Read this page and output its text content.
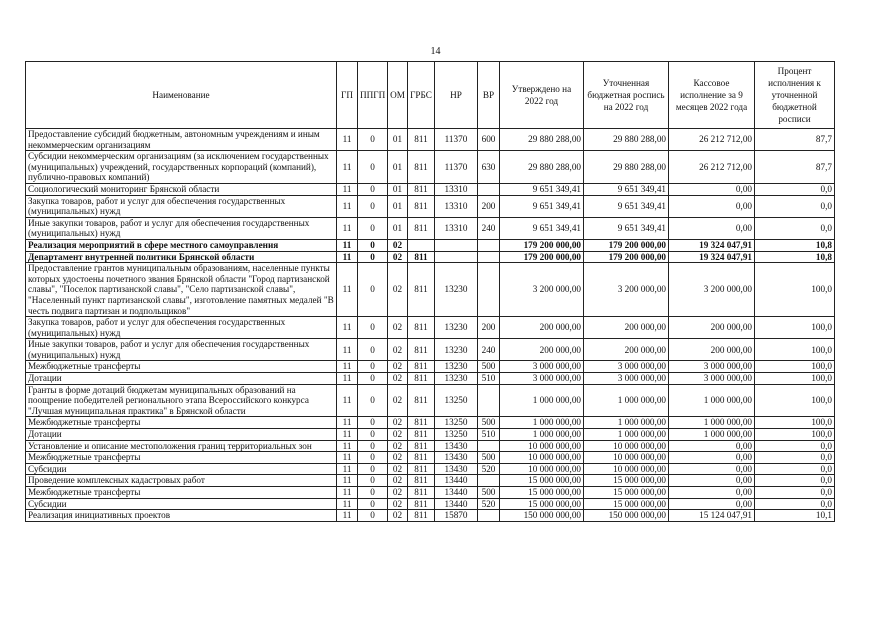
14
Наименование	ГП	ППГП	ОМ	ГРБС	НР	ВР	Утверждено на 2022 год	Уточненная бюджетная роспись на 2022 год	Кассовое исполнение за 9 месяцев 2022 года	Процент исполнения к уточненной бюджетной росписи
Предоставление субсидий бюджетным, автономным учреждениям и иным некоммерческим организациям	11	0	01	811	11370	600	29 880 288,00	29 880 288,00	26 212 712,00	87,7
Субсидии некоммерческим организациям (за исключением государственных (муниципальных) учреждений, государственных корпораций (компаний), публично-правовых компаний)	11	0	01	811	11370	630	29 880 288,00	29 880 288,00	26 212 712,00	87,7
Социологический мониторинг Брянской области	11	0	01	811	13310		9 651 349,41	9 651 349,41	0,00	0,0
Закупка товаров, работ и услуг для обеспечения государственных (муниципальных) нужд	11	0	01	811	13310	200	9 651 349,41	9 651 349,41	0,00	0,0
Иные закупки товаров, работ и услуг для обеспечения государственных (муниципальных) нужд	11	0	01	811	13310	240	9 651 349,41	9 651 349,41	0,00	0,0
Реализация мероприятий в сфере местного самоуправления	11	0	02				179 200 000,00	179 200 000,00	19 324 047,91	10,8
Департамент внутренней политики Брянской области	11	0	02	811			179 200 000,00	179 200 000,00	19 324 047,91	10,8
Предоставление грантов муниципальным образованиям, населенные пункты которых удостоены почетного звания Брянской области "Город партизанской славы", "Поселок партизанской славы", "Село партизанской славы", "Населенный пункт партизанской славы", изготовление памятных медалей "В честь подвига партизан и подпольщиков"	11	0	02	811	13230		3 200 000,00	3 200 000,00	3 200 000,00	100,0
Закупка товаров, работ и услуг для обеспечения государственных (муниципальных) нужд	11	0	02	811	13230	200	200 000,00	200 000,00	200 000,00	100,0
Иные закупки товаров, работ и услуг для обеспечения государственных (муниципальных) нужд	11	0	02	811	13230	240	200 000,00	200 000,00	200 000,00	100,0
Межбюджетные трансферты	11	0	02	811	13230	500	3 000 000,00	3 000 000,00	3 000 000,00	100,0
Дотации	11	0	02	811	13230	510	3 000 000,00	3 000 000,00	3 000 000,00	100,0
Гранты в форме дотаций бюджетам муниципальных образований на поощрение победителей регионального этапа Всероссийского конкурса "Лучшая муниципальная практика" в Брянской области	11	0	02	811	13250		1 000 000,00	1 000 000,00	1 000 000,00	100,0
Межбюджетные трансферты	11	0	02	811	13250	500	1 000 000,00	1 000 000,00	1 000 000,00	100,0
Дотации	11	0	02	811	13250	510	1 000 000,00	1 000 000,00	1 000 000,00	100,0
Установление и описание местоположения границ территориальных зон	11	0	02	811	13430		10 000 000,00	10 000 000,00	0,00	0,0
Межбюджетные трансферты	11	0	02	811	13430	500	10 000 000,00	10 000 000,00	0,00	0,0
Субсидии	11	0	02	811	13430	520	10 000 000,00	10 000 000,00	0,00	0,0
Проведение комплексных кадастровых работ	11	0	02	811	13440		15 000 000,00	15 000 000,00	0,00	0,0
Межбюджетные трансферты	11	0	02	811	13440	500	15 000 000,00	15 000 000,00	0,00	0,0
Субсидии	11	0	02	811	13440	520	15 000 000,00	15 000 000,00	0,00	0,0
Реализация инициативных проектов	11	0	02	811	15870		150 000 000,00	150 000 000,00	15 124 047,91	10,1
